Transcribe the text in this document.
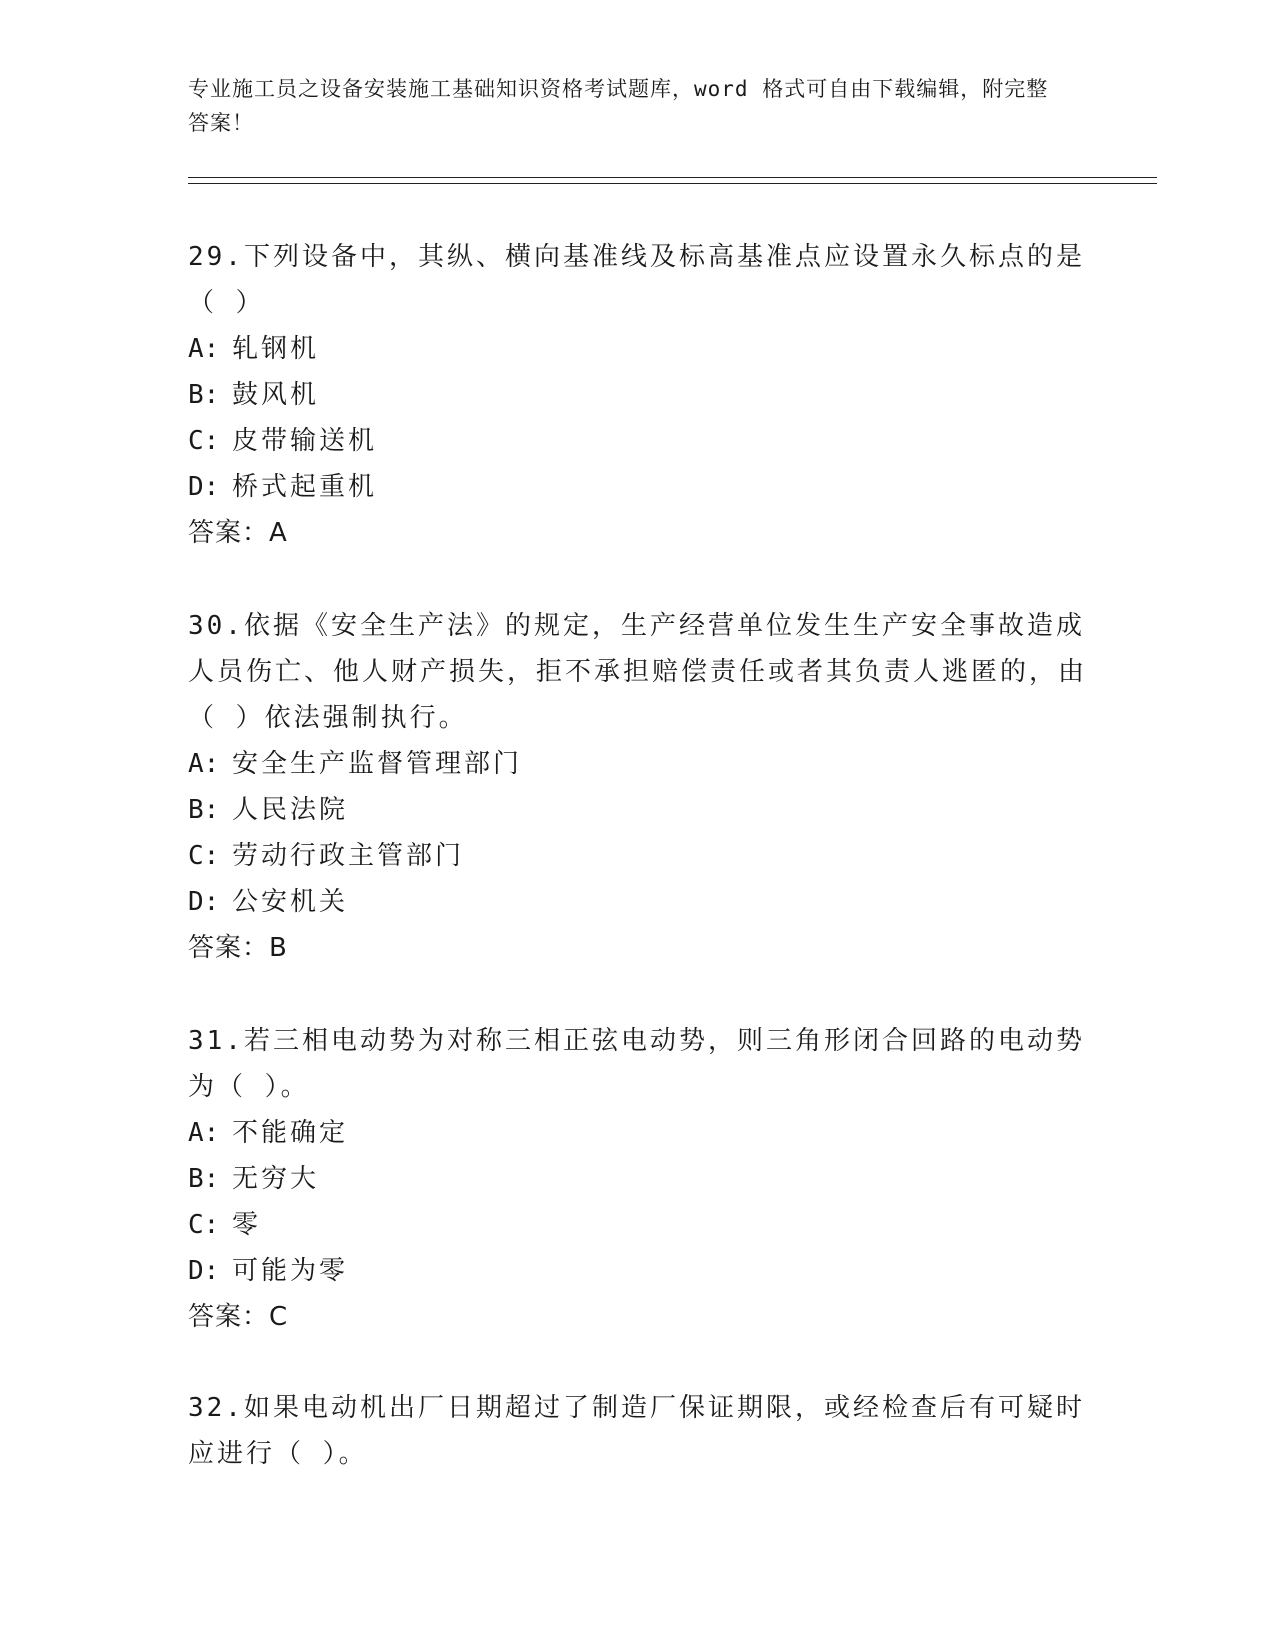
专业施工员之设备安装施工基础知识资格考试题库，word 格式可自由下载编辑，附完整答案！
29.下列设备中，其纵、横向基准线及标高基准点应设置永久标点的是（ ）
A: 轧钢机
B: 鼓风机
C: 皮带输送机
D: 桥式起重机
答案：A
30.依据《安全生产法》的规定，生产经营单位发生生产安全事故造成人员伤亡、他人财产损失，拒不承担赔偿责任或者其负责人逃匿的，由（ ）依法强制执行。
A: 安全生产监督管理部门
B: 人民法院
C: 劳动行政主管部门
D: 公安机关
答案：B
31.若三相电动势为对称三相正弦电动势，则三角形闭合回路的电动势为（ ）。
A: 不能确定
B: 无穷大
C: 零
D: 可能为零
答案：C
32.如果电动机出厂日期超过了制造厂保证期限，或经检查后有可疑时应进行（ ）。
